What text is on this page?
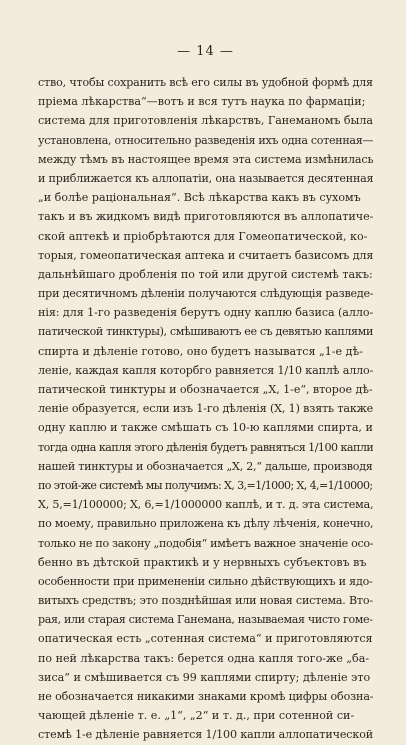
— 14 —
ство, чтобы сохранить всѣ его силы въ удобной формѣ для
пріема лѣкарства“—вотъ и вся тутъ наука по фармаціи;
система для приготовленія лѣкарствъ, Ганеманомъ была
установлена, относительно разведенія ихъ одна сотенная—
между тѣмъ въ настоящее время эта система измѣнилась
и приближается къ аллопатіи, она называется десятенная
„и болѣе раціональная“. Всѣ лѣкарства какъ въ сухомъ
такъ и въ жидкомъ видѣ приготовляются въ аллопатиче-
ской аптекѣ и пріобрѣтаются для Гомеопатической, ко-
торыя, гомеопатическая аптека и считаетъ базисомъ для
дальнѣйшаго дробленія по той или другой системѣ такъ:
при десятичномъ дѣленіи получаются слѣдующія разведе-
нія: для 1-го разведенія берутъ одну каплю базиса (алло-
патической тинктуры), смѣшиваютъ ее съ девятью каплями
спирта и дѣленіе готово, оно будетъ называтся „1-е дѣ-
леніе, каждая капля которбго равняется 1/10 каплѣ алло-
патической тинктуры и обозначается „X, 1-е“, второе дѣ-
леніе образуется, если изъ 1-го дѣленія (X, 1) взять также
одну каплю и также смѣшать съ 10-ю каплями спирта, и
тогда одна капля этого дѣленія будетъ равняться 1/100 капли
нашей тинктуры и обозначается „X, 2,“ дальше, производя
по этой-же системѣ мы получимъ: X, 3,=1/1000; X, 4,=1/10000;
X, 5,=1/100000; X, 6,=1/1000000 каплѣ, и т. д. эта система,
по моему, правильно приложена къ дѣлу лѣченія, конечно,
только не по закону „подобія“ имѣетъ важное значеніе осо-
бенно въ дѣтской практикѣ и у нервныхъ субъектовъ въ
особенности при примененіи сильно дѣйствующихъ и ядо-
витыхъ средствъ; это позднѣйшая или новая система. Вто-
рая, или старая система Ганемана, называемая чисто гоме-
опатическая есть „сотенная система“ и приготовляются
по ней лѣкарства такъ: берется одна капля того-же „ба-
зиса“ и смѣшивается съ 99 каплями спирту; дѣленіе это
не обозначается никакими знаками кромѣ цифры обозна-
чающей дѣленіе т. е. „1“, „2“ и т. д., при сотенной си-
стемѣ 1-е дѣленіе равняется 1/100 капли аллопатической
